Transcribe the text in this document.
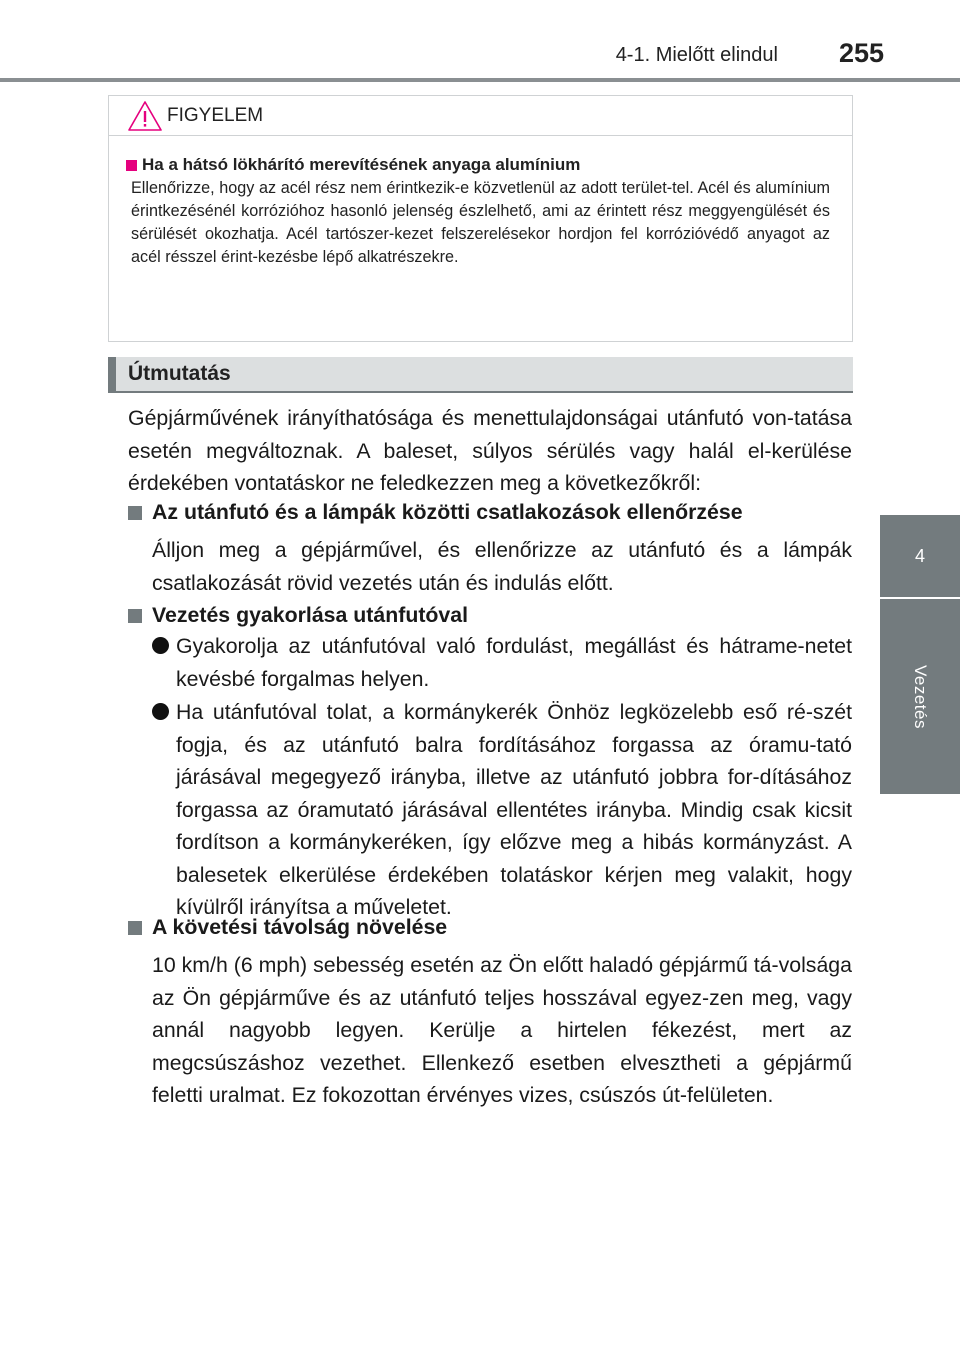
4-1. Mielőtt elindul 255
4
Vezetés
FIGYELEM
Ha a hátsó lökhárító merevítésének anyaga alumínium
Ellenőrizze, hogy az acél rész nem érintkezik-e közvetlenül az adott terület-tel. Acél és alumínium érintkezésénél korrózióhoz hasonló jelenség észlelhető, ami az érintett rész meggyengülését és sérülését okozhatja. Acél tartószer-kezet felszerelésekor hordjon fel korrózióvédő anyagot az acél résszel érint-kezésbe lépő alkatrészekre.
Útmutatás
Gépjárművének irányíthatósága és menettulajdonságai utánfutó von-tatása esetén megváltoznak. A baleset, súlyos sérülés vagy halál el-kerülése érdekében vontatáskor ne feledkezzen meg a következőkről:
Az utánfutó és a lámpák közötti csatlakozások ellenőrzése
Álljon meg a gépjárművel, és ellenőrizze az utánfutó és a lámpák csatlakozását rövid vezetés után és indulás előtt.
Vezetés gyakorlása utánfutóval
Gyakorolja az utánfutóval való fordulást, megállást és hátrame-netet kevésbé forgalmas helyen.
Ha utánfutóval tolat, a kormánykerék Önhöz legközelebb eső ré-szét fogja, és az utánfutó balra fordításához forgassa az óramu-tató járásával megegyező irányba, illetve az utánfutó jobbra for-dításához forgassa az óramutató járásával ellentétes irányba. Mindig csak kicsit fordítson a kormánykeréken, így előzve meg a hibás kormányzást. A balesetek elkerülése érdekében tolatáskor kérjen meg valakit, hogy kívülről irányítsa a műveletet.
A követési távolság növelése
10 km/h (6 mph) sebesség esetén az Ön előtt haladó gépjármű tá-volsága az Ön gépjárműve és az utánfutó teljes hosszával egyez-zen meg, vagy annál nagyobb legyen. Kerülje a hirtelen fékezést, mert az megcsúszáshoz vezethet. Ellenkező esetben elvesztheti a gépjármű feletti uralmat. Ez fokozottan érvényes vizes, csúszós út-felületen.
